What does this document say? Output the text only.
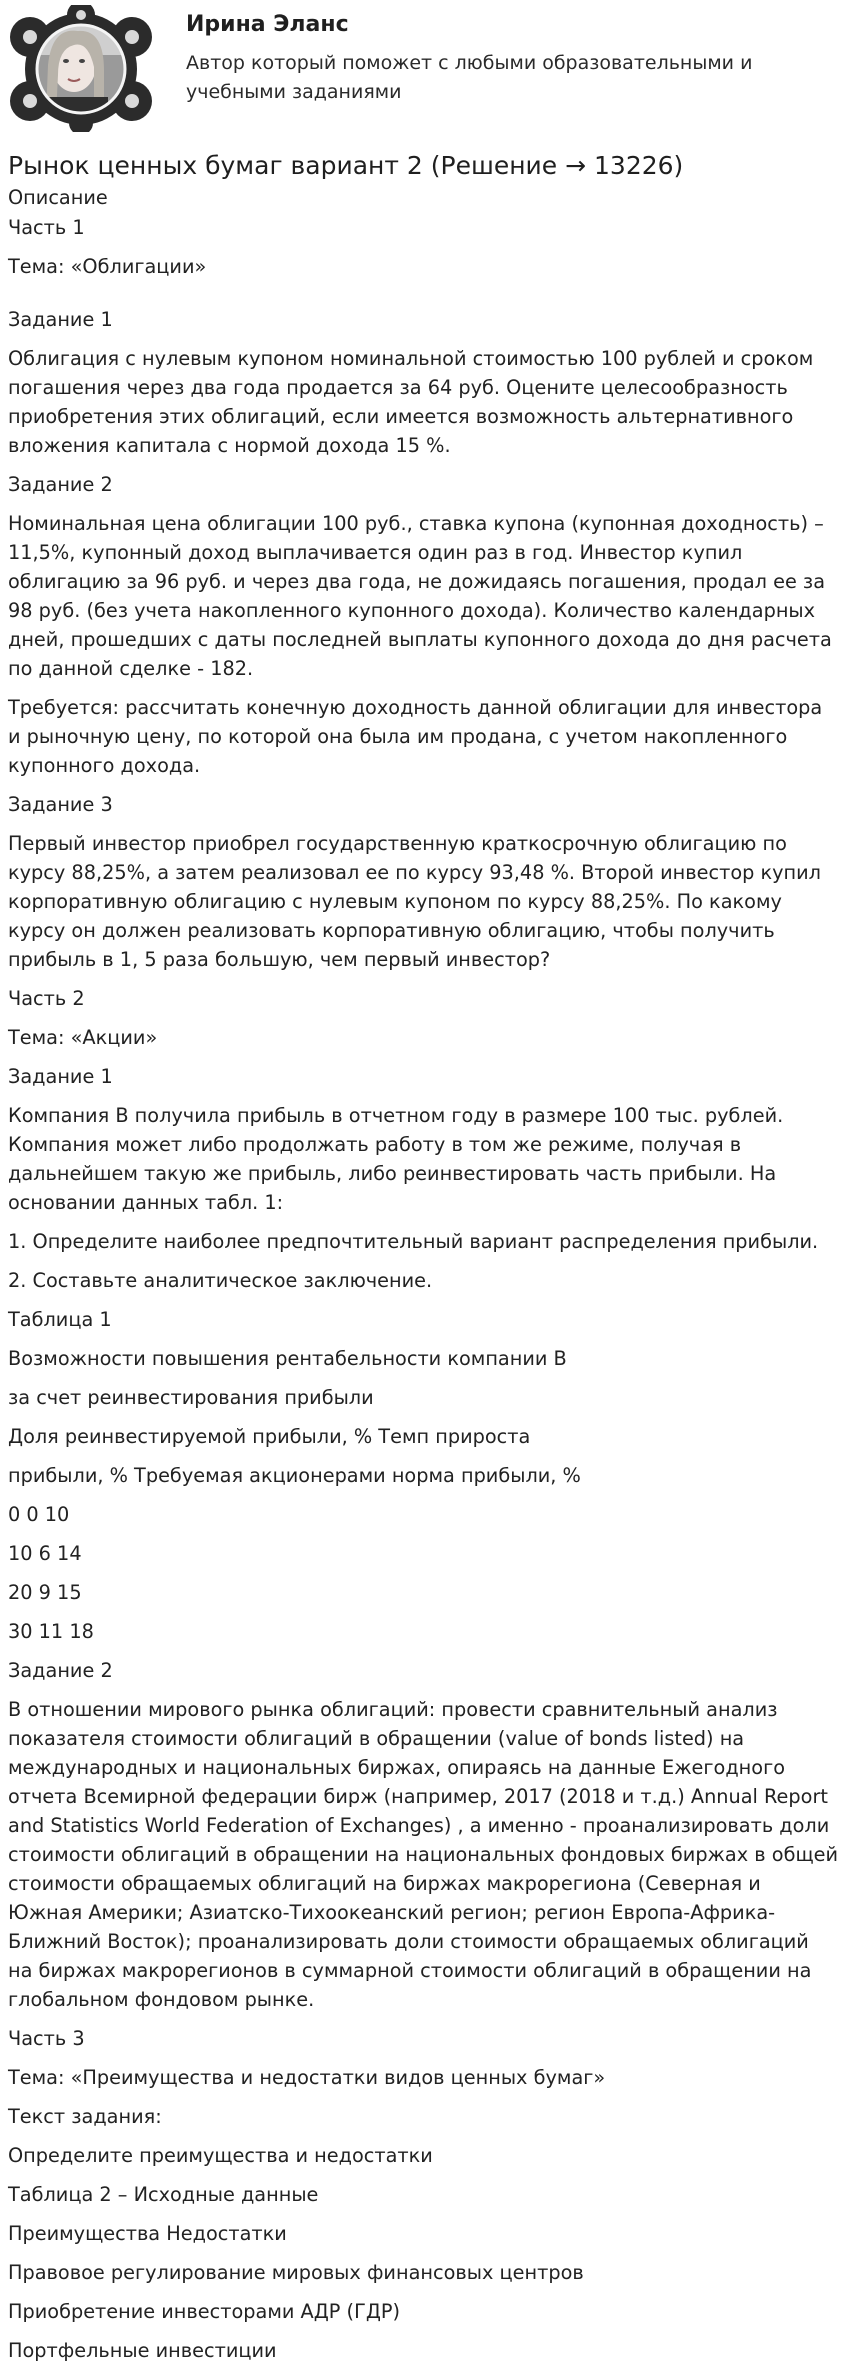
Ирина Эланс
Автор который поможет с любыми образовательными и учебными заданиями
Рынок ценных бумаг вариант 2 (Решение → 13226)
Описание

Часть 1

Тема: «Облигации»

Задание 1

Облигация с нулевым купоном номинальной стоимостью 100 рублей и сроком погашения через два года продается за 64 руб. Оцените целесообразность приобретения этих облигаций, если имеется возможность альтернативного вложения капитала с нормой дохода 15 %.

Задание 2

Номинальная цена облигации 100 руб., ставка купона (купонная доходность) – 11,5%, купонный доход выплачивается один раз в год. Инвестор купил облигацию за 96 руб. и через два года, не дожидаясь погашения, продал ее за 98 руб. (без учета накопленного купонного дохода). Количество календарных дней, прошедших с даты последней выплаты купонного дохода до дня расчета по данной сделке - 182.

Требуется: рассчитать конечную доходность данной облигации для инвестора и рыночную цену, по которой она была им продана, с учетом накопленного купонного дохода.

Задание 3

Первый инвестор приобрел государственную краткосрочную облигацию по курсу 88,25%, а затем реализовал ее по курсу 93,48 %. Второй инвестор купил корпоративную облигацию с нулевым купоном по курсу 88,25%. По какому курсу он должен реализовать корпоративную облигацию, чтобы получить прибыль в 1, 5 раза большую, чем первый инвестор?

Часть 2

Тема: «Акции»

Задание 1

Компания В получила прибыль в отчетном году в размере 100 тыс. рублей. Компания может либо продолжать работу в том же режиме, получая в дальнейшем такую же прибыль, либо реинвестировать часть прибыли. На основании данных табл. 1:

1. Определите наиболее предпочтительный вариант распределения прибыли.

2. Составьте аналитическое заключение.

Таблица 1

Возможности повышения рентабельности компании В

за счет реинвестирования прибыли

Доля реинвестируемой прибыли, % Темп прироста

прибыли, % Требуемая акционерами норма прибыли, %

0 0 10

10 6 14

20 9 15

30 11 18

Задание 2

В отношении мирового рынка облигаций: провести сравнительный анализ показателя стоимости облигаций в обращении (value of bonds listed) на международных и национальных биржах, опираясь на данные Ежегодного отчета Всемирной федерации бирж (например, 2017 (2018 и т.д.) Annual Report and Statistics World Federation of Exchanges) , а именно - проанализировать доли стоимости облигаций в обращении на национальных фондовых биржах в общей стоимости обращаемых облигаций на биржах макрорегиона (Северная и Южная Америки; Азиатско-Тихоокеанский регион; регион Европа-Африка-Ближний Восток); проанализировать доли стоимости обращаемых облигаций на биржах макрорегионов в суммарной стоимости облигаций в обращении на глобальном фондовом рынке.

Часть 3

Тема: «Преимущества и недостатки видов ценных бумаг»

Текст задания:

Определите преимущества и недостатки

Таблица 2 – Исходные данные

Преимущества Недостатки

Правовое регулирование мировых финансовых центров

Приобретение инвесторами АДР (ГДР)

Портфельные инвестиции
